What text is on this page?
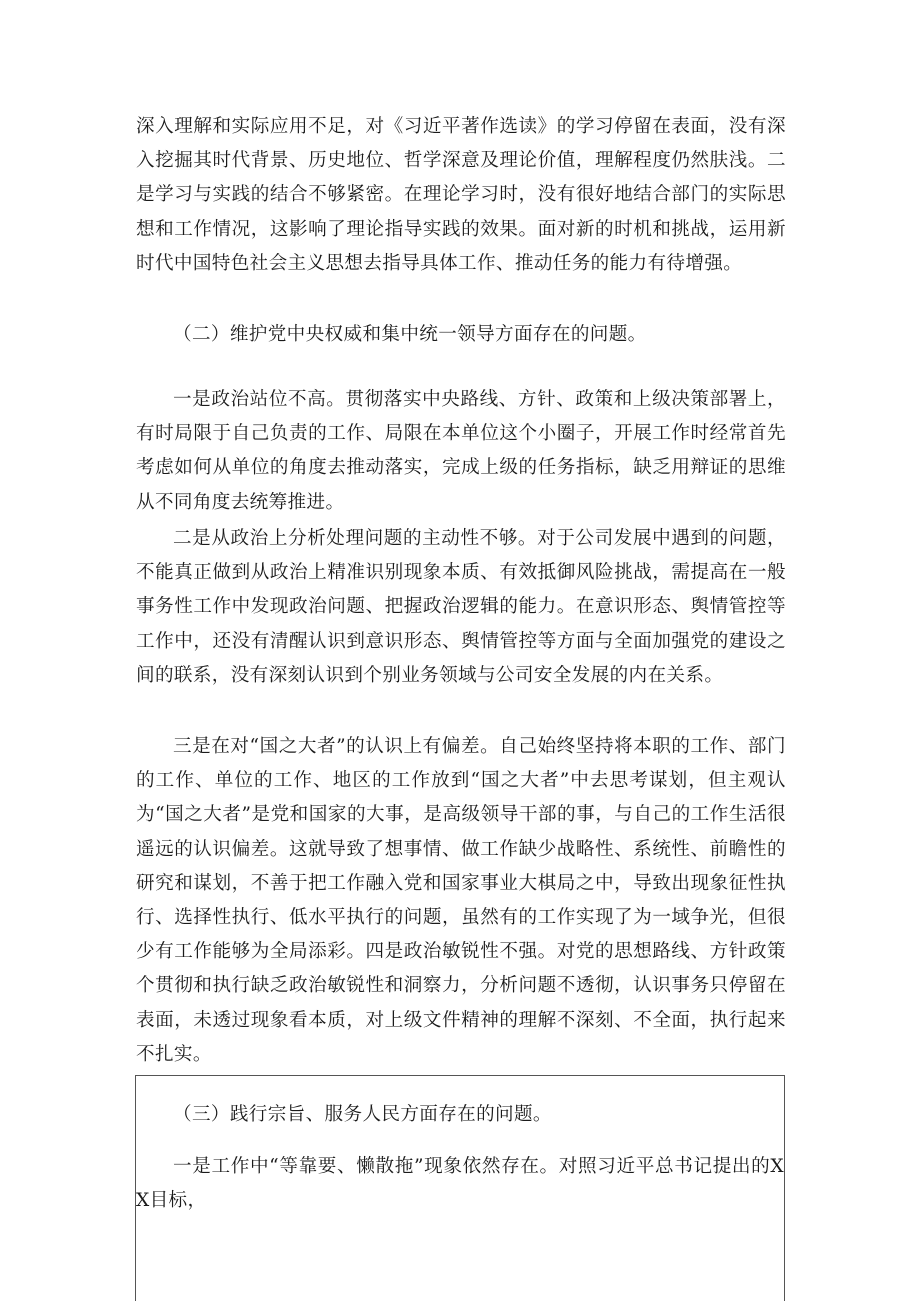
深入理解和实际应用不足，对《习近平著作选读》的学习停留在表面，没有深入挖掘其时代背景、历史地位、哲学深意及理论价值，理解程度仍然肤浅。二是学习与实践的结合不够紧密。在理论学习时，没有很好地结合部门的实际思想和工作情况，这影响了理论指导实践的效果。面对新的时机和挑战，运用新时代中国特色社会主义思想去指导具体工作、推动任务的能力有待增强。

（二）维护党中央权威和集中统一领导方面存在的问题。

一是政治站位不高。贯彻落实中央路线、方针、政策和上级决策部署上，有时局限于自己负责的工作、局限在本单位这个小圈子，开展工作时经常首先考虑如何从单位的角度去推动落实，完成上级的任务指标，缺乏用辩证的思维从不同角度去统筹推进。

二是从政治上分析处理问题的主动性不够。对于公司发展中遇到的问题，不能真正做到从政治上精准识别现象本质、有效抵御风险挑战，需提高在一般事务性工作中发现政治问题、把握政治逻辑的能力。在意识形态、舆情管控等工作中，还没有清醒认识到意识形态、舆情管控等方面与全面加强党的建设之间的联系，没有深刻认识到个别业务领域与公司安全发展的内在关系。

三是在对“国之大者”的认识上有偏差。自己始终坚持将本职的工作、部门的工作、单位的工作、地区的工作放到“国之大者”中去思考谋划，但主观认为“国之大者”是党和国家的大事，是高级领导干部的事，与自己的工作生活很遥远的认识偏差。这就导致了想事情、做工作缺少战略性、系统性、前瞻性的研究和谋划，不善于把工作融入党和国家事业大棋局之中，导致出现象征性执行、选择性执行、低水平执行的问题，虽然有的工作实现了为一域争光，但很少有工作能够为全局添彩。四是政治敏锐性不强。对党的思想路线、方针政策个贯彻和执行缺乏政治敏锐性和洞察力，分析问题不透彻，认识事务只停留在表面，未透过现象看本质，对上级文件精神的理解不深刻、不全面，执行起来不扎实。

（三）践行宗旨、服务人民方面存在的问题。

一是工作中“等靠要、懒散拖”现象依然存在。对照习近平总书记提出的XX目标，
